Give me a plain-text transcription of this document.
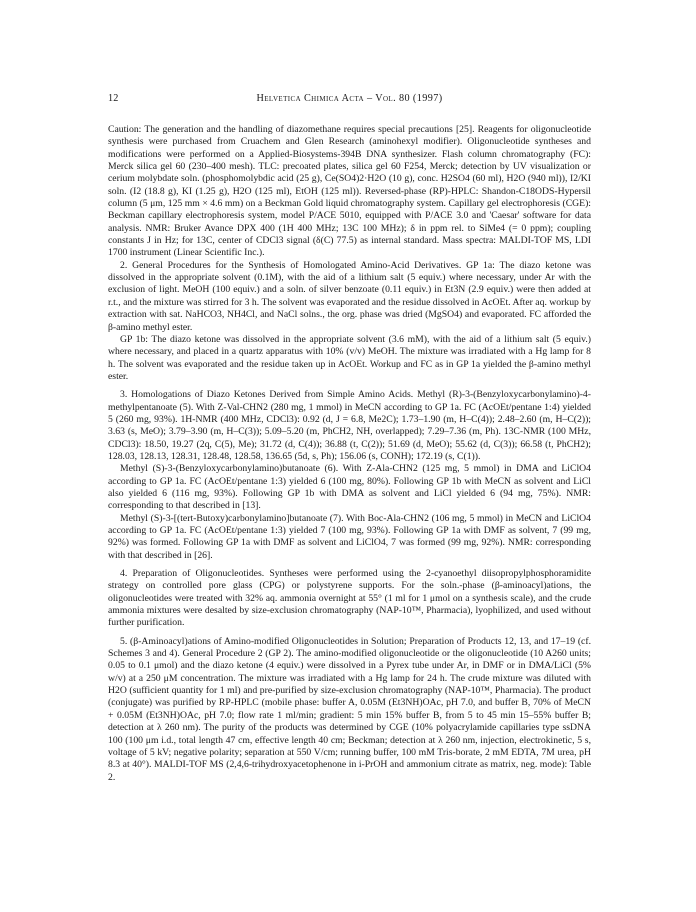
12	Helvetica Chimica Acta – Vol. 80 (1997)

Caution: The generation and the handling of diazomethane requires special precautions [25]. Reagents for oligonucleotide synthesis were purchased from Cruachem and Glen Research (aminohexyl modifier). Oligonucleotide syntheses and modifications were performed on a Applied-Biosystems-394B DNA synthesizer. Flash column chromatography (FC): Merck silica gel 60 (230–400 mesh). TLC: precoated plates, silica gel 60 F254, Merck; detection by UV visualization or cerium molybdate soln. (phosphomolybdic acid (25 g), Ce(SO4)2·H2O (10 g), conc. H2SO4 (60 ml), H2O (940 ml)), I2/KI soln. (I2 (18.8 g), KI (1.25 g), H2O (125 ml), EtOH (125 ml)). Reversed-phase (RP)-HPLC: Shandon-C18ODS-Hypersil column (5 μm, 125 mm × 4.6 mm) on a Beckman Gold liquid chromatography system. Capillary gel electrophoresis (CGE): Beckman capillary electrophoresis system, model P/ACE 5010, equipped with P/ACE 3.0 and 'Caesar' software for data analysis. NMR: Bruker Avance DPX 400 (1H 400 MHz; 13C 100 MHz); δ in ppm rel. to SiMe4 (= 0 ppm); coupling constants J in Hz; for 13C, center of CDCl3 signal (δ(C) 77.5) as internal standard. Mass spectra: MALDI-TOF MS, LDI 1700 instrument (Linear Scientific Inc.).

2. General Procedures for the Synthesis of Homologated Amino-Acid Derivatives. GP 1a: The diazo ketone was dissolved in the appropriate solvent (0.1M), with the aid of a lithium salt (5 equiv.) where necessary, under Ar with the exclusion of light. MeOH (100 equiv.) and a soln. of silver benzoate (0.11 equiv.) in Et3N (2.9 equiv.) were then added at r.t., and the mixture was stirred for 3 h. The solvent was evaporated and the residue dissolved in AcOEt. After aq. workup by extraction with sat. NaHCO3, NH4Cl, and NaCl solns., the org. phase was dried (MgSO4) and evaporated. FC afforded the β-amino methyl ester.

GP 1b: The diazo ketone was dissolved in the appropriate solvent (3.6 mM), with the aid of a lithium salt (5 equiv.) where necessary, and placed in a quartz apparatus with 10% (v/v) MeOH. The mixture was irradiated with a Hg lamp for 8 h. The solvent was evaporated and the residue taken up in AcOEt. Workup and FC as in GP 1a yielded the β-amino methyl ester.

3. Homologations of Diazo Ketones Derived from Simple Amino Acids. Methyl (R)-3-(Benzyloxycarbonylamino)-4-methylpentanoate (5). With Z-Val-CHN2 (280 mg, 1 mmol) in MeCN according to GP 1a. FC (AcOEt/pentane 1:4) yielded 5 (260 mg, 93%). 1H-NMR (400 MHz, CDCl3): 0.92 (d, J = 6.8, Me2C); 1.73–1.90 (m, H–C(4)); 2.48–2.60 (m, H–C(2)); 3.63 (s, MeO); 3.79–3.90 (m, H–C(3)); 5.09–5.20 (m, PhCH2, NH, overlapped); 7.29–7.36 (m, Ph). 13C-NMR (100 MHz, CDCl3): 18.50, 19.27 (2q, C(5), Me); 31.72 (d, C(4)); 36.88 (t, C(2)); 51.69 (d, MeO); 55.62 (d, C(3)); 66.58 (t, PhCH2); 128.03, 128.13, 128.31, 128.48, 128.58, 136.65 (5d, s, Ph); 156.06 (s, CONH); 172.19 (s, C(1)).

Methyl (S)-3-(Benzyloxycarbonylamino)butanoate (6). With Z-Ala-CHN2 (125 mg, 5 mmol) in DMA and LiClO4 according to GP 1a. FC (AcOEt/pentane 1:3) yielded 6 (100 mg, 80%). Following GP 1b with MeCN as solvent and LiCl also yielded 6 (116 mg, 93%). Following GP 1b with DMA as solvent and LiCl yielded 6 (94 mg, 75%). NMR: corresponding to that described in [13].

Methyl (S)-3-[(tert-Butoxy)carbonylamino]butanoate (7). With Boc-Ala-CHN2 (106 mg, 5 mmol) in MeCN and LiClO4 according to GP 1a. FC (AcOEt/pentane 1:3) yielded 7 (100 mg, 93%). Following GP 1a with DMF as solvent, 7 (99 mg, 92%) was formed. Following GP 1a with DMF as solvent and LiClO4, 7 was formed (99 mg, 92%). NMR: corresponding with that described in [26].

4. Preparation of Oligonucleotides. Syntheses were performed using the 2-cyanoethyl diisopropylphosphoramidite strategy on controlled pore glass (CPG) or polystyrene supports. For the soln.-phase (β-aminoacyl)ations, the oligonucleotides were treated with 32% aq. ammonia overnight at 55° (1 ml for 1 μmol on a synthesis scale), and the crude ammonia mixtures were desalted by size-exclusion chromatography (NAP-10™, Pharmacia), lyophilized, and used without further purification.

5. (β-Aminoacyl)ations of Amino-modified Oligonucleotides in Solution; Preparation of Products 12, 13, and 17–19 (cf. Schemes 3 and 4). General Procedure 2 (GP 2). The amino-modified oligonucleotide or the oligonucleotide (10 A260 units; 0.05 to 0.1 μmol) and the diazo ketone (4 equiv.) were dissolved in a Pyrex tube under Ar, in DMF or in DMA/LiCl (5% w/v) at a 250 μM concentration. The mixture was irradiated with a Hg lamp for 24 h. The crude mixture was diluted with H2O (sufficient quantity for 1 ml) and pre-purified by size-exclusion chromatography (NAP-10™, Pharmacia). The product (conjugate) was purified by RP-HPLC (mobile phase: buffer A, 0.05M (Et3NH)OAc, pH 7.0, and buffer B, 70% of MeCN + 0.05M (Et3NH)OAc, pH 7.0; flow rate 1 ml/min; gradient: 5 min 15% buffer B, from 5 to 45 min 15–55% buffer B; detection at λ 260 nm). The purity of the products was determined by CGE (10% polyacrylamide capillaries type ssDNA 100 (100 μm i.d., total length 47 cm, effective length 40 cm; Beckman; detection at λ 260 nm, injection, electrokinetic, 5 s, voltage of 5 kV; negative polarity; separation at 550 V/cm; running buffer, 100 mM Tris-borate, 2 mM EDTA, 7M urea, pH 8.3 at 40°). MALDI-TOF MS (2,4,6-trihydroxyacetophenone in i-PrOH and ammonium citrate as matrix, neg. mode): Table 2.
